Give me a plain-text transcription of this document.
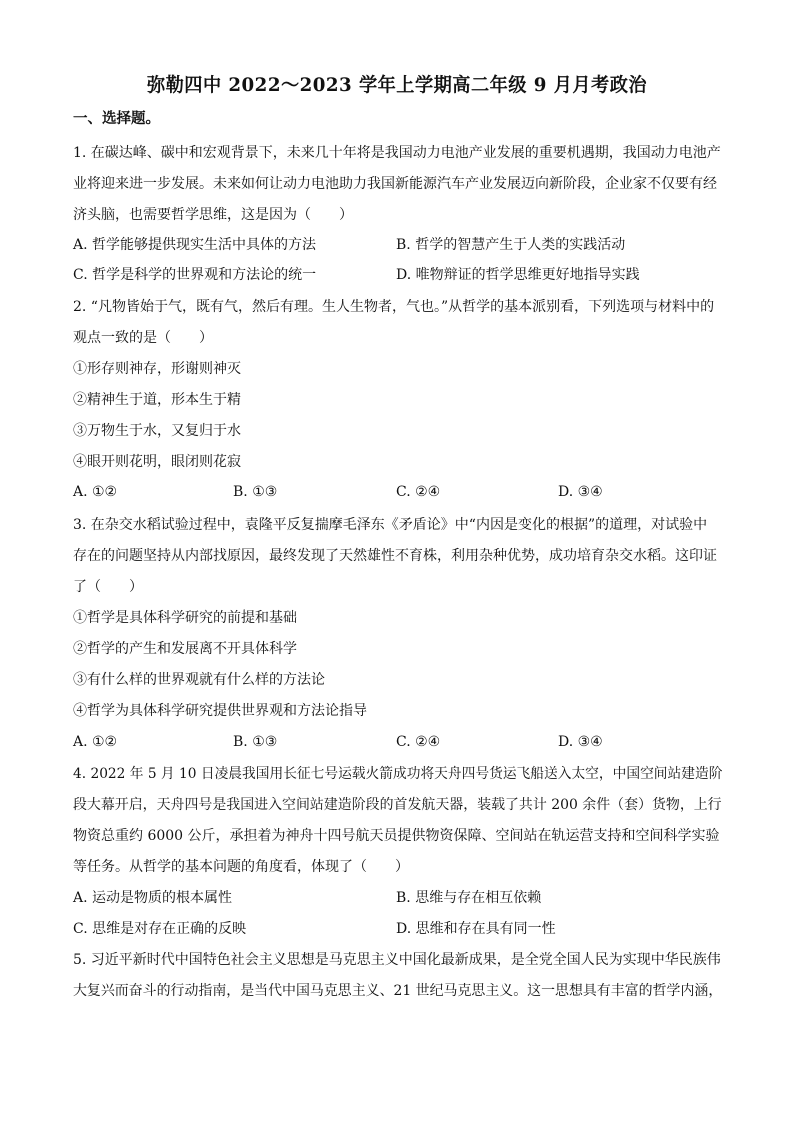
弥勒四中 2022～2023 学年上学期高二年级 9 月月考政治
一、选择题。
1. 在碳达峰、碳中和宏观背景下，未来几十年将是我国动力电池产业发展的重要机遇期，我国动力电池产
业将迎来进一步发展。未来如何让动力电池助力我国新能源汽车产业发展迈向新阶段，企业家不仅要有经
济头脑，也需要哲学思维，这是因为（　　）
A. 哲学能够提供现实生活中具体的方法	B. 哲学的智慧产生于人类的实践活动
C. 哲学是科学的世界观和方法论的统一	D. 唯物辩证的哲学思维更好地指导实践
2. “凡物皆始于气，既有气，然后有理。生人生物者，气也。”从哲学的基本派别看，下列选项与材料中的
观点一致的是（　　）
①形存则神存，形谢则神灭
②精神生于道，形本生于精
③万物生于水，又复归于水
④眼开则花明，眼闭则花寂
A. ①②	B. ①③	C. ②④	D. ③④
3. 在杂交水稻试验过程中，袁隆平反复揣摩毛泽东《矛盾论》中“内因是变化的根据”的道理，对试验中
存在的问题坚持从内部找原因，最终发现了天然雄性不育株，利用杂种优势，成功培育杂交水稻。这印证
了（　　）
①哲学是具体科学研究的前提和基础
②哲学的产生和发展离不开具体科学
③有什么样的世界观就有什么样的方法论
④哲学为具体科学研究提供世界观和方法论指导
A. ①②	B. ①③	C. ②④	D. ③④
4. 2022 年 5 月 10 日凌晨我国用长征七号运载火箭成功将天舟四号货运飞船送入太空，中国空间站建造阶
段大幕开启，天舟四号是我国进入空间站建造阶段的首发航天器，装载了共计 200 余件（套）货物，上行
物资总重约 6000 公斤，承担着为神舟十四号航天员提供物资保障、空间站在轨运营支持和空间科学实验
等任务。从哲学的基本问题的角度看，体现了（　　）
A. 运动是物质的根本属性	B. 思维与存在相互依赖
C. 思维是对存在正确的反映	D. 思维和存在具有同一性
5. 习近平新时代中国特色社会主义思想是马克思主义中国化最新成果，是全党全国人民为实现中华民族伟
大复兴而奋斗的行动指南，是当代中国马克思主义、21 世纪马克思主义。这一思想具有丰富的哲学内涵，
